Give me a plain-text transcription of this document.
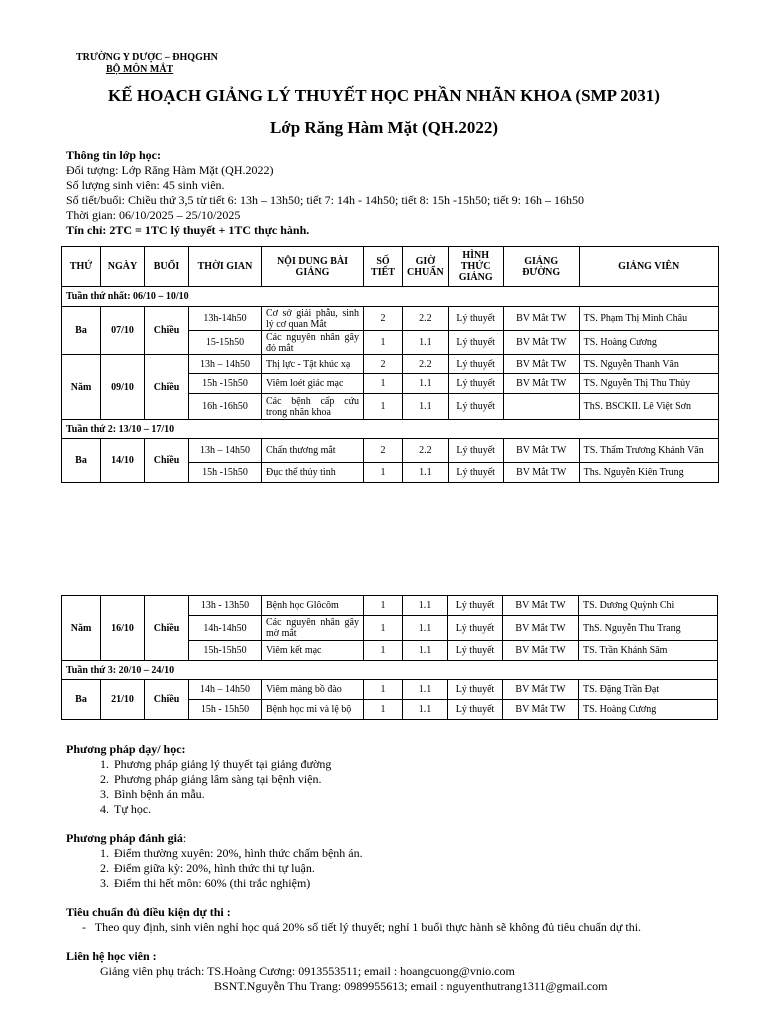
TRƯỜNG Y DƯỢC – ĐHQGHN
BỘ MÔN MẮT
KẾ HOẠCH GIẢNG LÝ THUYẾT HỌC PHẦN NHÃN KHOA (SMP 2031)
Lớp Răng Hàm Mặt (QH.2022)
Thông tin lớp học:
Đối tượng: Lớp Răng Hàm Mặt (QH.2022)
Số lượng sinh viên: 45 sinh viên.
Số tiết/buổi: Chiều thứ 3,5 từ tiết 6: 13h – 13h50; tiết 7: 14h - 14h50; tiết 8: 15h -15h50; tiết 9: 16h – 16h50
Thời gian: 06/10/2025 – 25/10/2025
Tín chỉ: 2TC = 1TC lý thuyết + 1TC thực hành.
THỨ	NGÀY	BUỔI	THỜI GIAN	NỘI DUNG BÀI GIẢNG	SỐ TIẾT	GIỜ CHUẨN	HÌNH THỨC GIẢNG	GIẢNG ĐƯỜNG	GIẢNG VIÊN
Tuần thứ nhất: 06/10 – 10/10									
Ba	07/10	Chiều	13h-14h50	Cơ sở giải phẫu, sinh lý cơ quan Mắt	2	2.2	Lý thuyết	BV Mắt TW	TS. Phạm Thị Minh Châu
			15-15h50	Các nguyên nhân gây đỏ mắt	1	1.1	Lý thuyết	BV Mắt TW	TS. Hoàng Cương
Năm	09/10	Chiều	13h – 14h50	Thị lực - Tật khúc xạ	2	2.2	Lý thuyết	BV Mắt TW	TS. Nguyễn Thanh Vân
			15h -15h50	Viêm loét giác mạc	1	1.1	Lý thuyết	BV Mắt TW	TS. Nguyễn Thị Thu Thủy
			16h -16h50	Các bệnh cấp cứu trong nhãn khoa	1	1.1	Lý thuyết		ThS. BSCKII. Lê Việt Sơn
Tuần thứ 2: 13/10 – 17/10									
Ba	14/10	Chiều	13h – 14h50	Chấn thương mắt	2	2.2	Lý thuyết	BV Mắt TW	TS. Thẩm Trương Khánh Vân
			15h -15h50	Đục thể thủy tinh	1	1.1	Lý thuyết	BV Mắt TW	Ths. Nguyễn Kiên Trung
Năm	16/10	Chiều	13h - 13h50	Bệnh học Glôcôm	1	1.1	Lý thuyết	BV Mắt TW	TS. Dương Quỳnh Chi
			14h-14h50	Các nguyên nhân gây mờ mắt	1	1.1	Lý thuyết	BV Mắt TW	ThS. Nguyễn Thu Trang
			15h-15h50	Viêm kết mạc	1	1.1	Lý thuyết	BV Mắt TW	TS. Trần Khánh Sâm
Tuần thứ 3: 20/10 – 24/10									
Ba	21/10	Chiều	14h – 14h50	Viêm màng bồ đào	1	1.1	Lý thuyết	BV Mắt TW	TS. Đặng Trần Đạt
			15h - 15h50	Bệnh học mi và lệ bộ	1	1.1	Lý thuyết	BV Mắt TW	TS. Hoàng Cương
Phương pháp dạy/ học:
1. Phương pháp giảng lý thuyết tại giảng đường
2. Phương pháp giảng lâm sàng tại bệnh viện.
3. Bình bệnh án mẫu.
4. Tự học.
Phương pháp đánh giá:
1. Điểm thường xuyên: 20%, hình thức chấm bệnh án.
2. Điểm giữa kỳ: 20%, hình thức thi tự luận.
3. Điểm thi hết môn: 60% (thi trắc nghiệm)
Tiêu chuẩn đủ điều kiện dự thi :
-   Theo quy định, sinh viên nghỉ học quá 20% số tiết lý thuyết; nghỉ 1 buổi thực hành sẽ không đủ tiêu chuẩn dự thi.
Liên hệ học viên :
Giảng viên phụ trách: TS.Hoàng Cương: 0913553511; email : hoangcuong@vnio.com
BSNT.Nguyễn Thu Trang: 0989955613; email : nguyenthutrang1311@gmail.com
